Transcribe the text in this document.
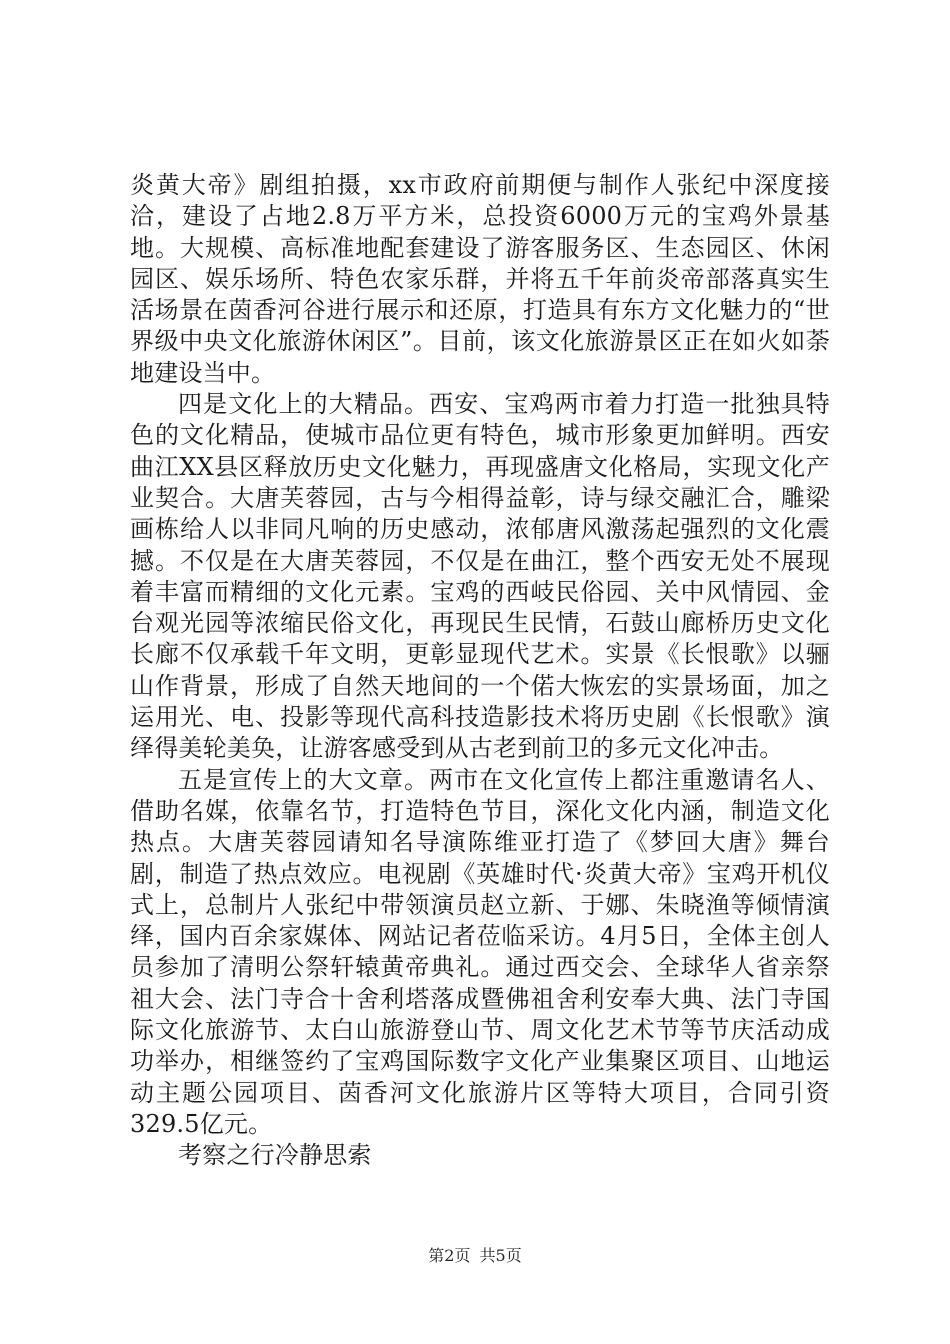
炎黄大帝》剧组拍摄，xx市政府前期便与制作人张纪中深度接洽，建设了占地2.8万平方米，总投资6000万元的宝鸡外景基地。大规模、高标准地配套建设了游客服务区、生态园区、休闲园区、娱乐场所、特色农家乐群，并将五千年前炎帝部落真实生活场景在茵香河谷进行展示和还原，打造具有东方文化魅力的“世界级中央文化旅游休闲区”。目前，该文化旅游景区正在如火如荼地建设当中。

四是文化上的大精品。西安、宝鸡两市着力打造一批独具特色的文化精品，使城市品位更有特色，城市形象更加鲜明。西安曲江XX县区释放历史文化魅力，再现盛唐文化格局，实现文化产业契合。大唐芙蓉园，古与今相得益彰，诗与绿交融汇合，雕梁画栋给人以非同凡响的历史感动，浓郁唐风激荡起强烈的文化震撼。不仅是在大唐芙蓉园，不仅是在曲江，整个西安无处不展现着丰富而精细的文化元素。宝鸡的西岐民俗园、关中风情园、金台观光园等浓缩民俗文化，再现民生民情，石鼓山廊桥历史文化长廊不仅承载千年文明，更彰显现代艺术。实景《长恨歌》以骊山作背景，形成了自然天地间的一个偌大恢宏的实景场面，加之运用光、电、投影等现代高科技造影技术将历史剧《长恨歌》演绎得美轮美奂，让游客感受到从古老到前卫的多元文化冲击。

五是宣传上的大文章。两市在文化宣传上都注重邀请名人、借助名媒，依靠名节，打造特色节目，深化文化内涵，制造文化热点。大唐芙蓉园请知名导演陈维亚打造了《梦回大唐》舞台剧，制造了热点效应。电视剧《英雄时代·炎黄大帝》宝鸡开机仪式上，总制片人张纪中带领演员赵立新、于娜、朱晓渔等倾情演绎，国内百余家媒体、网站记者莅临采访。4月5日，全体主创人员参加了清明公祭轩辕黄帝典礼。通过西交会、全球华人省亲祭祖大会、法门寺合十舍利塔落成暨佛祖舍利安奉大典、法门寺国际文化旅游节、太白山旅游登山节、周文化艺术节等节庆活动成功举办，相继签约了宝鸡国际数字文化产业集聚区项目、山地运动主题公园项目、茵香河文化旅游片区等特大项目，合同引资329.5亿元。

考察之行冷静思索

第2页 共5页
